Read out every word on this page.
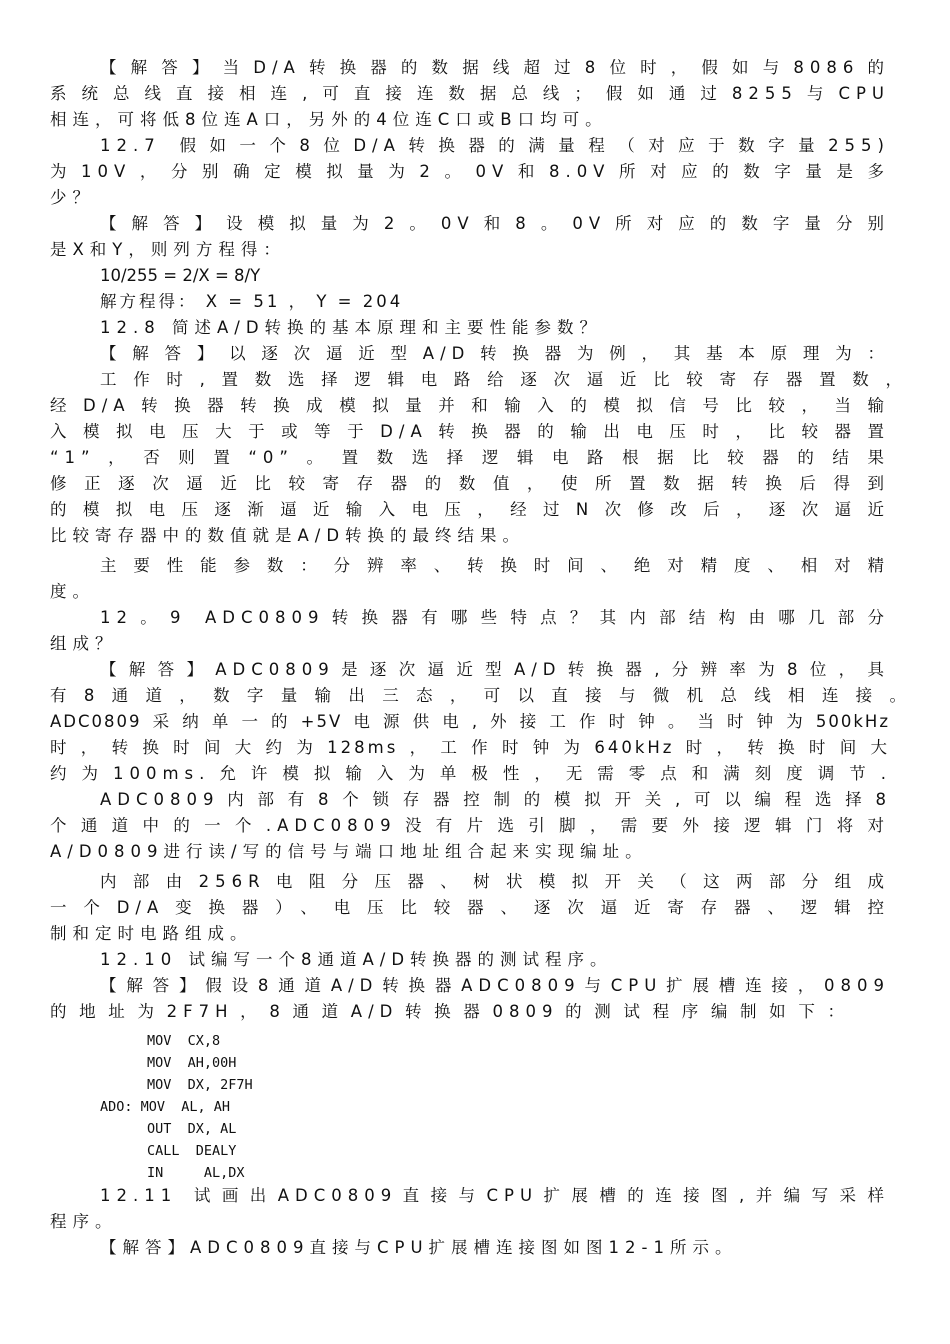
【解答】当D/A转换器的数据线超过8位时，假如与8086的
系统总线直接相连,可直接连数据总线；假如通过8255与CPU
相连，可将低8位连A口，另外的4位连C口或B口均可。
12.7 假如一个8位D/A转换器的满量程（对应于数字量255)
为10V，分别确定模拟量为2。0V和8.0V所对应的数字量是多
少？
【解答】设模拟量为2。0V和8。0V所对应的数字量分别
是X和Y，则列方程得：
10/255 = 2/X = 8/Y
解方程得： X = 51 ， Y = 204
12.8 简述A/D转换的基本原理和主要性能参数？
【解答】以逐次逼近型A/D转换器为例，其基本原理为：
工作时,置数选择逻辑电路给逐次逼近比较寄存器置数，
经D/A转换器转换成模拟量并和输入的模拟信号比较，当输
入模拟电压大于或等于D/A转换器的输出电压时，比较器置
“1”，否则置“0”。置数选择逻辑电路根据比较器的结果
修正逐次逼近比较寄存器的数值，使所置数据转换后得到
的模拟电压逐渐逼近输入电压，经过N次修改后，逐次逼近
比较寄存器中的数值就是A/D转换的最终结果。
主要性能参数：分辨率、转换时间、绝对精度、相对精
度。
12。9 ADC0809转换器有哪些特点？其内部结构由哪几部分
组成？
【解答】ADC0809是逐次逼近型A/D转换器,分辨率为8位，具
有8通道，数字量输出三态，可以直接与微机总线相连接。
ADC0809采纳单一的+5V电源供电,外接工作时钟。当时钟为500kHz
时，转换时间大约为128ms，工作时钟为640kHz时，转换时间大
约为100ms.允许模拟输入为单极性，无需零点和满刻度调节.
ADC0809内部有8个锁存器控制的模拟开关,可以编程选择8
个通道中的一个.ADC0809没有片选引脚，需要外接逻辑门将对
A/D0809进行读/写的信号与端口地址组合起来实现编址。
内部由256R电阻分压器、树状模拟开关（这两部分组成
一个D/A变换器）、电压比较器、逐次逼近寄存器、逻辑控
制和定时电路组成。
12.10 试编写一个8通道A/D转换器的测试程序。
【解答】假设8通道A/D转换器ADC0809与CPU扩展槽连接，0809
的地址为2F7H，8通道A/D转换器0809的测试程序编制如下：
MOV  CX,8
MOV  AH,00H
MOV  DX, 2F7H
ADO: MOV  AL, AH
OUT  DX, AL
CALL  DEALY
IN     AL,DX
12.11 试画出ADC0809直接与CPU扩展槽的连接图,并编写采样
程序。
【解答】ADC0809直接与CPU扩展槽连接图如图12-1所示。
